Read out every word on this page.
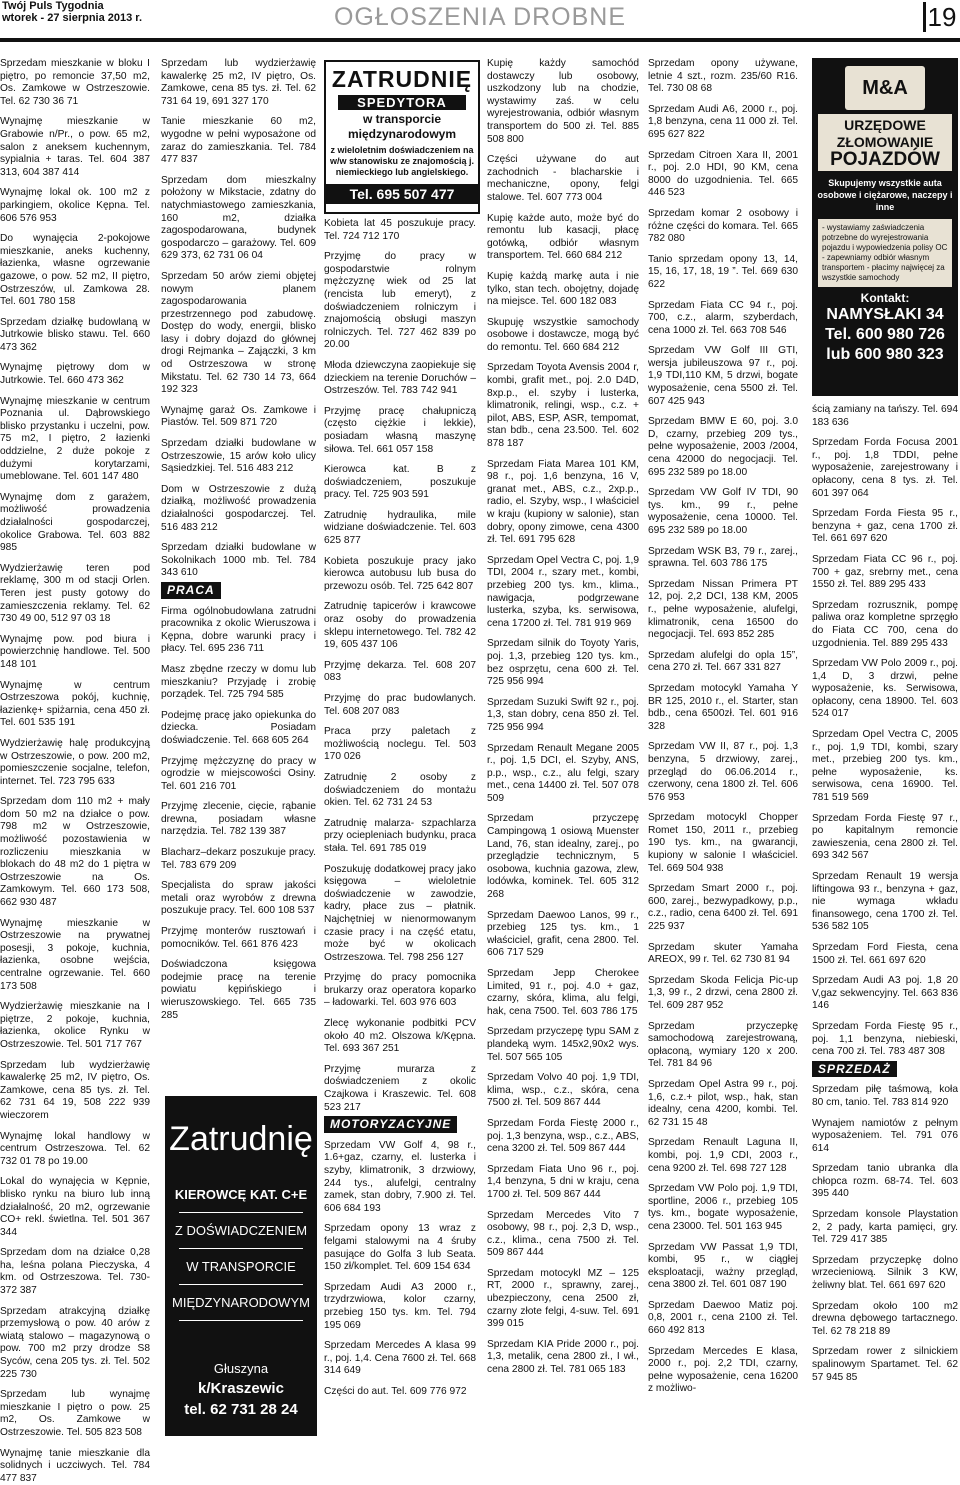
Twój Puls Tygodnia
wtorek - 27 sierpnia 2013 r.	OGŁOSZENIA DROBNE	19
Sprzedam mieszkanie w bloku I piętro, po remoncie 37,50 m2, Os. Zamkowe w Ostrzeszowie. Tel. 62 730 36 71
Wynajmę mieszkanie w Grabowie n/Pr., o pow. 65 m2, salon z aneksem kuchennym, sypialnia + taras. Tel. 604 387 313, 604 387 414
Wynajmę lokal ok. 100 m2 z parkingiem, okolice Kępna. Tel. 606 576 953
Do wynajęcia 2-pokojowe mieszkanie, aneks kuchenny, łazienka, własne ogrzewanie gazowe, o pow. 52 m2, II piętro, Ostrzeszów, ul. Zamkowa 28. Tel. 601 780 158
Sprzedam działkę budowlaną w Jutrkowie blisko stawu. Tel. 660 473 362
Wynajmę piętrowy dom w Jutrkowie. Tel. 660 473 362
Wynajmę mieszkanie w centrum Poznania ul. Dąbrowskiego blisko przystanku i uczelni, pow. 75 m2, I piętro, 2 łazienki oddzielne, 2 duże pokoje z dużymi korytarzami, umeblowane. Tel. 601 147 480
Wynajmę dom z garażem, możliwość prowadzenia działalności gospodarczej, okolice Grabowa. Tel. 603 882 985
Wydzierżawię teren pod reklamę, 300 m od stacji Orlen. Teren jest pusty gotowy do zamieszczenia reklamy. Tel. 62 730 49 00, 512 97 03 18
Wynajmę pow. pod biura i powierzchnię handlowe. Tel. 500 148 101
Wynajmę w centrum Ostrzeszowa pokój, kuchnię, łazienkę+ spiżarnia, cena 450 zł. Tel. 601 535 191
Wydzierżawię halę produkcyjną w Ostrzeszowie, o pow. 200 m2, pomieszczenie socjalne, telefon, internet. Tel. 723 795 633
Sprzedam dom 110 m2 + mały dom 50 m2 na działce o pow. 798 m2 w Ostrzeszowie, możliwość pozostawienia w rozliczeniu mieszkania w blokach do 48 m2 do 1 piętra w Ostrzeszowie na Os. Zamkowym. Tel. 660 173 508, 662 930 487
Wynajmę mieszkanie w Ostrzeszowie na prywatnej posesji, 3 pokoje, kuchnia, łazienka, osobne wejścia, centralne ogrzewanie. Tel. 660 173 508
Wydzierżawię mieszkanie na I piętrze, 2 pokoje, kuchnia, łazienka, okolice Rynku w Ostrzeszowie. Tel. 501 717 767
Sprzedam lub wydzierżawię kawalerkę 25 m2, IV piętro, Os. Zamkowe, cena 85 tys. zł. Tel. 62 731 64 19, 508 222 939 wieczorem
Wynajmę lokal handlowy w centrum Ostrzeszowa. Tel. 62 732 01 78 po 19.00
Lokal do wynajęcia w Kępnie, blisko rynku na biuro lub inną działalność, 20 m2, ogrzewanie CO+ rekl. świetlna. Tel. 501 367 344
Sprzedam dom na działce 0,28 ha, leśna polana Pieczyska, 4 km. od Ostrzeszowa. Tel. 730-372 387
Sprzedam atrakcyjną działkę przemysłową o pow. 40 arów z wiatą stalowo – magazynową o pow. 700 m2 przy drodze S8 Syców, cena 205 tys. zł. Tel. 502 225 730
Sprzedam lub wynajmę mieszkanie I piętro o pow. 25 m2, Os. Zamkowe w Ostrzeszowie. Tel. 505 823 508
Wynajmę tanie mieszkanie dla solidnych i uczciwych. Tel. 784 477 837
Sprzedam lub wydzierżawię kawalerkę 25 m2, IV piętro, Os. Zamkowe, cena 85 tys. zł. Tel. 62 731 64 19, 691 327 170
Tanie mieszkanie 60 m2, wygodne w pełni wyposażone od zaraz do zamieszkania. Tel. 784 477 837
Sprzedam dom mieszkalny położony w Mikstacie, zdatny do natychmiastowego zamieszkania, 160 m2, działka zagospodarowana, budynek gospodarczo – garażowy. Tel. 609 629 373, 62 731 06 04
Sprzedam 50 arów ziemi objętej nowym planem zagospodarowania przestrzennego pod zabudowę. Dostęp do wody, energii, blisko lasy i dobry dojazd do głównej drogi Rejmanka – Zajączki, 3 km od Ostrzeszowa w stronę Mikstatu. Tel. 62 730 14 73, 664 192 323
Wynajmę garaż Os. Zamkowe i Piastów. Tel. 509 871 720
Sprzedam działki budowlane w Ostrzeszowie, 15 arów koło ulicy Sąsiedzkiej. Tel. 516 483 212
Dom w Ostrzeszowie z dużą działką, możliwość prowadzenia działalności gospodarczej. Tel. 516 483 212
Sprzedam działki budowlane w Sokolnikach 1000 mb. Tel. 784 343 610
PRACA
Firma ogólnobudowlana zatrudni pracownika z okolic Wieruszowa i Kępna, dobre warunki pracy i płacy. Tel. 695 236 711
Masz zbędne rzeczy w domu lub mieszkaniu? Przyjadę i zrobię porządek. Tel. 725 794 585
Podejmę pracę jako opiekunka do dziecka. Posiadam doświadczenie. Tel. 668 605 264
Przyjmę mężczyznę do pracy w ogrodzie w miejscowości Osiny. Tel. 601 216 701
Przyjmę zlecenie, cięcie, rąbanie drewna, posiadam własne narzędzia. Tel. 782 139 387
Blacharz–dekarz poszukuje pracy. Tel. 783 679 209
Specjalista do spraw jakości metali oraz wyrobów z drewna poszukuje pracy. Tel. 600 108 537
Przyjmę monterów rusztowań i pomocników. Tel. 661 876 423
Doświadczona księgowa podejmie pracę na terenie powiatu kępińskiego i wieruszowskiego. Tel. 665 735 285
ZATRUDNIĘ
SPEDYTORA
w transporcie
międzynarodowym
z wieloletnim doświadczeniem na w/w stanowisku ze znajomością j. niemieckiego lub angielskiego.
Tel. 695 507 477
Kobieta lat 45 poszukuje pracy. Tel. 724 712 170
Przyjmę do pracy w gospodarstwie rolnym mężczyznę wiek od 25 lat (rencista lub emeryt), z doświadczeniem rolniczym i znajomością obsługi maszyn rolniczych. Tel. 727 462 839 po 20.00
Młoda dziewczyna zaopiekuje się dzieckiem na terenie Doruchów – Ostrzeszów. Tel. 783 742 941
Przyjmę pracę chałupniczą (często ciężkie i lekkie), posiadam własną maszynę siłowa. Tel. 661 057 158
Kierowca kat. B z doświadczeniem, poszukuje pracy. Tel. 725 903 591
Zatrudnię hydraulika, mile widziane doświadczenie. Tel. 603 625 877
Kobieta poszukuje pracy jako kierowca autobusu lub busa do przewozu osób. Tel. 725 642 807
Zatrudnię tapicerów i krawcowe oraz osoby do prowadzenia sklepu internetowego. Tel. 782 42 19, 605 437 106
Przyjmę dekarza. Tel. 608 207 083
Przyjmę do prac budowlanych. Tel. 608 207 083
Praca przy paletach z możliwością noclegu. Tel. 503 170 026
Zatrudnię 2 osoby z doświadczeniem do montażu okien. Tel. 62 731 24 53
Zatrudnię malarza- szpachlarza przy ociepleniach budynku, praca stała. Tel. 691 785 019
Poszukuję dodatkowej pracy jako księgowa – wieloletnie doświadczenie w zawodzie, kadry, płace zus – płatnik. Najchętniej w nienormowanym czasie pracy i na część etatu, może być w okolicach Ostrzeszowa. Tel. 798 256 127
Przyjmę do pracy pomocnika brukarzy oraz operatora koparko – ładowarki. Tel. 603 976 603
Zlecę wykonanie podbitki PCV około 40 m2. Olszowa k/Kępna. Tel. 693 367 251
Przyjmę murarza z doświadczeniem z okolic Czajkowa i Kraszewic. Tel. 608 523 217
MOTORYZACYJNE
Sprzedam VW Golf 4, 98 r., 1.6+gaz, czarny, el. lusterka i szyby, klimatronik, 3 drzwiowy, 244 tys., alufelgi, centralny zamek, stan dobry, 7.900 zł. Tel. 606 684 193
Sprzedam opony 13 wraz z felgami stalowymi na 4 śruby pasujące do Golfa 3 lub Seata. 150 zł/komplet. Tel. 609 154 634
Sprzedam Audi A3 2000 r., trzydrzwiowa, kolor czarny, przebieg 150 tys. km. Tel. 794 195 069
Sprzedam Mercedes A klasa 99 r., poj. 1,4. Cena 7600 zł. Tel. 668 314 649
Części do aut. Tel. 609 776 972
Kupię każdy samochód dostawczy lub osobowy, uszkodzony lub na chodzie, wystawimy zaś. w celu wyrejestrowania, odbiór własnym transportem do 500 zł. Tel. 885 508 800
Części używane do aut zachodnich - blacharskie i mechaniczne, opony, felgi stalowe. Tel. 607 773 004
Kupię każde auto, może być do remontu lub kasacji, płacę gotówką, odbiór własnym transportem. Tel. 660 684 212
Kupię każdą markę auta i nie tylko, stan tech. obojętny, dojadę na miejsce. Tel. 600 182 083
Skupuję wszystkie samochody osobowe i dostawcze, mogą być do remontu. Tel. 660 684 212
Sprzedam Toyota Avensis 2004 r, kombi, grafit met., poj. 2.0 D4D, 8xp.p., el. szyby i lusterka, klimatronik, relingi, wsp., c.z. + pilot, ABS, ESP, ASR, tempomat, stan bdb., cena 23.500. Tel. 602 878 187
Sprzedam Fiata Marea 101 KM, 98 r., poj. 1,6 benzyna, 16 V, granat met., ABS, c.z., 2xp.p., radio, el. Szyby, wsp., I właściciel w kraju (kupiony w salonie), stan dobry, opony zimowe, cena 4300 zł. Tel. 691 795 628
Sprzedam Opel Vectra C, poj. 1,9 TDI, 2004 r., szary met., kombi, przebieg 200 tys. km., klima., nawigacja, podgrzewane lusterka, szyba, ks. serwisowa, cena 17200 zł. Tel. 781 919 969
Sprzedam silnik do Toyoty Yaris, poj. 1,3, przebieg 120 tys. km., bez osprzętu, cena 600 zł. Tel. 725 956 994
Sprzedam Suzuki Swift 92 r., poj. 1,3, stan dobry, cena 850 zł. Tel. 725 956 994
Sprzedam Renault Megane 2005 r., poj. 1,5 DCI, el. Szyby, ANS, p.p., wsp., c.z., alu felgi, szary met., cena 14400 zł. Tel. 507 078 509
Sprzedam przyczepę Campingową 1 osiową Muenster Land, 76, stan idealny, zarej., po przeglądzie technicznym, 5 osobowa, kuchnia gazowa, zlew, lodówka, kominek. Tel. 605 312 268
Sprzedam Daewoo Lanos, 99 r., przebieg 125 tys. km., 1 właściciel, grafit, cena 2800. Tel. 606 717 529
Sprzedam Jepp Cherokee Limited, 91 r., poj. 4.0 + gaz, czarny, skóra, klima, alu felgi, hak, cena 7500. Tel. 603 786 175
Sprzedam przyczepę typu SAM z plandeką wym. 145x2,90x2 wys. Tel. 507 565 105
Sprzedam Volvo 40 poj. 1,9 TDI, klima, wsp., c.z., skóra, cena 7500 zł. Tel. 509 867 444
Sprzedam Forda Fiestę 2000 r., poj. 1,3 benzyna, wsp., c.z., ABS, cena 3200 zł. Tel. 509 867 444
Sprzedam Fiata Uno 96 r., poj. 1,4 benzyna, 5 dni w kraju, cena 1700 zł. Tel. 509 867 444
Sprzedam Mercedes Vito 7 osobowy, 98 r., poj. 2,3 D, wsp., c.z., klima., cena 7500 zł. Tel. 509 867 444
Sprzedam motocykl MZ – 125 RT, 2000 r., sprawny, zarej., ubezpieczony, cena 2500 zł, czarny złote felgi, 4-suw. Tel. 691 399 015
Sprzedam KIA Pride 2000 r., poj. 1,3, metalik, cena 2800 zł., I wł., cena 2800 zł. Tel. 781 065 183
Sprzedam opony używane, letnie 4 szt., rozm. 235/60 R16. Tel. 730 08 68
Sprzedam Audi A6, 2000 r., poj. 1,8 benzyna, cena 11 000 zł. Tel. 695 627 822
Sprzedam Citroen Xara II, 2001 r., poj. 2.0 HDI, 90 KM, cena 8000 do uzgodnienia. Tel. 665 446 523
Sprzedam komar 2 osobowy i różne części do komara. Tel. 665 782 080
Tanio sprzedam opony 13, 14, 15, 16, 17, 18, 19 ”. Tel. 669 630 622
Sprzedam Fiata CC 94 r., poj. 700, c.z., alarm, szyberdach, cena 1000 zł. Tel. 663 708 546
Sprzedam VW Golf III GTI, wersja jubileuszowa 97 r., poj. 1,9 TDI,110 KM, 5 drzwi, bogate wyposażenie, cena 5500 zł. Tel. 607 425 943
Sprzedam BMW E 60, poj. 3.0 D, czarny, przebieg 209 tys., pełne wyposażenie, 2003 /2004, cena 42000 do negocjacji. Tel. 695 232 589 po 18.00
Sprzedam VW Golf IV TDI, 90 tys. km., 99 r., pełne wyposażenie, cena 10000. Tel. 695 232 589 po 18.00
Sprzedam WSK B3, 79 r., zarej., sprawna. Tel. 603 786 175
Sprzedam Nissan Primera PT 12, poj. 2,2 DCI, 138 KM, 2005 r., pełne wyposażenie, alufelgi, klimatronik, cena 16500 do negocjacji. Tel. 693 852 285
Sprzedam alufelgi do opla 15”, cena 270 zł. Tel. 667 331 827
Sprzedam motocykl Yamaha Y BR 125, 2010 r., el. Starter, stan bdb., cena 6500zł. Tel. 601 916 328
Sprzedam VW II, 87 r., poj. 1,3 benzyna, 5 drzwiowy, zarej., przegląd do 06.06.2014 r., czerwony, cena 1800 zł. Tel. 606 576 953
Sprzedam motocykl Chopper Romet 150, 2011 r., przebieg 190 tys. km., na gwarancji, kupiony w salonie I właściciel. Tel. 669 504 938
Sprzedam Smart 2000 r., poj. 600, zarej., bezwypadkowy, p.p., c.z., radio, cena 6400 zł. Tel. 691 225 937
Sprzedam skuter Yamaha AREOX, 99 r. Tel. 62 730 81 94
Sprzedam Skoda Felicja Pic-up 1,3, 99 r., 2 drzwi, cena 2800 zł. Tel. 609 287 952
Sprzedam przyczepkę samochodową zarejestrowaną, opłaconą, wymiary 120 x 200. Tel. 781 84 96
Sprzedam Opel Astra 99 r., poj. 1,6, c.z.+ pilot, wsp., hak, stan idealny, cena 4200, kombi. Tel. 62 731 15 48
Sprzedam Renault Laguna II, kombi, poj. 1,9 CDI, 2003 r., cena 9200 zł. Tel. 698 727 128
Sprzedam VW Polo poj. 1,9 TDI, sportline, 2006 r., przebieg 105 tys. km., bogate wyposażenie, cena 23000. Tel. 501 163 945
Sprzedam VW Passat 1,9 TDI, kombi, 95 r., w ciągłej eksploatacji, ważny przegląd, cena 3800 zł. Tel. 601 087 190
Sprzedam Daewoo Matiz poj. 0,8, 2001 r., cena 2100 zł. Tel. 660 492 813
Sprzedam Mercedes E klasa, 2000 r., poj. 2,2 TDI, czarny, pełne wyposażenie, cena 16200 z możliwo-
M&A
URZĘDOWE
ZŁOMOWANIE
POJAZDÓW
Skupujemy wszystkie auta osobowe i ciężarowe, naczepy i inne
- wystawiamy zaświadczenia potrzebne do wyrejestrowania pojazdu i wypowiedzenia polisy OC - zapewniamy odbiór własnym transportem - płacimy najwięcej za wszystkie samochody
Kontakt:
NAMYSŁAKI 34
Tel. 600 980 726
lub 600 980 323
ścią zamiany na tańszy. Tel. 694 183 636
Sprzedam Forda Focusa 2001 r., poj. 1,8 TDDI, pełne wyposażenie, zarejestrowany i opłacony, cena 8 tys. zł. Tel. 601 397 064
Sprzedam Forda Fiesta 95 r., benzyna + gaz, cena 1700 zł. Tel. 661 697 620
Sprzedam Fiata CC 96 r., poj. 700 + gaz, srebrny met., cena 1550 zł. Tel. 889 295 433
Sprzedam rozrusznik, pompę paliwa oraz kompletne sprzęgło do Fiata CC 700, cena do uzgodnienia. Tel. 889 295 433
Sprzedam VW Polo 2009 r., poj. 1,4 D, 3 drzwi, pełne wyposażenie, ks. Serwisowa, opłacony, cena 18900. Tel. 603 524 017
Sprzedam Opel Vectra C, 2005 r., poj. 1,9 TDI, kombi, szary met., przebieg 200 tys. km., pełne wyposażenie, ks. serwisowa, cena 16900. Tel. 781 519 569
Sprzedam Forda Fiestę 97 r., po kapitalnym remoncie zawieszenia, cena 2800 zł. Tel. 693 342 567
Sprzedam Renault 19 wersja liftingowa 93 r., benzyna + gaz, nie wymaga wkładu finansowego, cena 1700 zł. Tel. 536 582 105
Sprzedam Ford Fiesta, cena 1500 zł. Tel. 661 697 620
Sprzedam Audi A3 poj. 1,8 20 V,gaz sekwencyjny. Tel. 663 836 146
Sprzedam Forda Fiestę 95 r., poj. 1,1 benzyna, niebieski, cena 700 zł. Tel. 783 487 308
SPRZEDAŻ
Sprzedam piłę taśmową, koła 80 cm, tanio. Tel. 783 814 920
Wynajem namiotów z pełnym wyposażeniem. Tel. 791 076 614
Sprzedam tanio ubranka dla chłopca rozm. 68-74. Tel. 603 395 440
Sprzedam konsole Playstation 2, 2 pady, karta pamięci, gry. Tel. 729 417 385
Sprzedam przyczepkę dolno wrzecieniową. Silnik 3 KW, żeliwny blat. Tel. 661 697 620
Sprzedam około 100 m2 drewna dębowego tartacznego. Tel. 62 78 218 89
Sprzedam rower z silnickiem spalinowym Spartamet. Tel. 62 57 945 85
Zatrudnię
KIEROWCĘ KAT. C+E
Z DOŚWIADCZENIEM
W TRANSPORCIE
MIĘDZYNARODOWYM
Głuszyna
k/Kraszewic
tel. 62 731 28 24
